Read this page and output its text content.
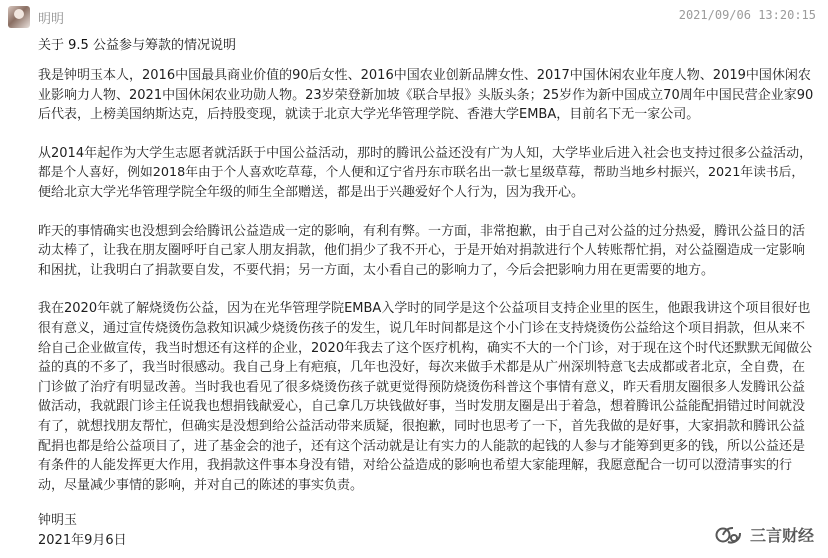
明明	2021/09/06 13:20:15
关于 9.5 公益参与筹款的情况说明
我是钟明玉本人，2016中国最具商业价值的90后女性、2016中国农业创新品牌女性、2017中国休闲农业年度人物、2019中国休闲农
业影响力人物、2021中国休闲农业功勋人物。23岁荣登新加坡《联合早报》头版头条；25岁作为新中国成立70周年中国民营企业家90
后代表，上榜美国纳斯达克，后持股变现，就读于北京大学光华管理学院、香港大学EMBA，目前名下无一家公司。
从2014年起作为大学生志愿者就活跃于中国公益活动，那时的腾讯公益还没有广为人知，大学毕业后进入社会也支持过很多公益活动，
都是个人喜好，例如2018年由于个人喜欢吃草莓，个人便和辽宁省丹东市联名出一款七星级草莓，帮助当地乡村振兴，2021年读书后，
便给北京大学光华管理学院全年级的师生全部赠送，都是出于兴趣爱好个人行为，因为我开心。
昨天的事情确实也没想到会给腾讯公益造成一定的影响，有利有弊。一方面，非常抱歉，由于自己对公益的过分热爱，腾讯公益日的活
动太棒了，让我在朋友圈呼吁自己家人朋友捐款，他们捐少了我不开心，于是开始对捐款进行个人转账帮忙捐，对公益圈造成一定影响
和困扰，让我明白了捐款要自发，不要代捐；另一方面，太小看自己的影响力了，今后会把影响力用在更需要的地方。
我在2020年就了解烧烫伤公益，因为在光华管理学院EMBA入学时的同学是这个公益项目支持企业里的医生，他跟我讲这个项目很好也
很有意义，通过宣传烧烫伤急救知识减少烧烫伤孩子的发生，说几年时间都是这个小门诊在支持烧烫伤公益给这个项目捐款，但从来不
给自己企业做宣传，我当时想还有这样的企业，2020年我去了这个医疗机构，确实不大的一个门诊，对于现在这个时代还默默无闻做公
益的真的不多了，我当时很感动。我自己身上有疤痕，几年也没好，每次来做手术都是从广州深圳特意飞去成都或者北京，全自费，在
门诊做了治疗有明显改善。当时我也看见了很多烧烫伤孩子就更觉得预防烧烫伤科普这个事情有意义，昨天看朋友圈很多人发腾讯公益
做活动，我就跟门诊主任说我也想捐钱献爱心，自己拿几万块钱做好事，当时发朋友圈是出于着急，想着腾讯公益能配捐错过时间就没
有了，就想找朋友帮忙，但确实是没想到给公益活动带来质疑，很抱歉，同时也思考了一下，首先我做的是好事，大家捐款和腾讯公益
配捐也都是给公益项目了，进了基金会的池子，还有这个活动就是让有实力的人能款的起钱的人参与才能筹到更多的钱，所以公益还是
有条件的人能发挥更大作用，我捐款这件事本身没有错，对给公益造成的影响也希望大家能理解，我愿意配合一切可以澄清事实的行
动，尽量减少事情的影响，并对自己的陈述的事实负责。
钟明玉
2021年9月6日	三言财经
